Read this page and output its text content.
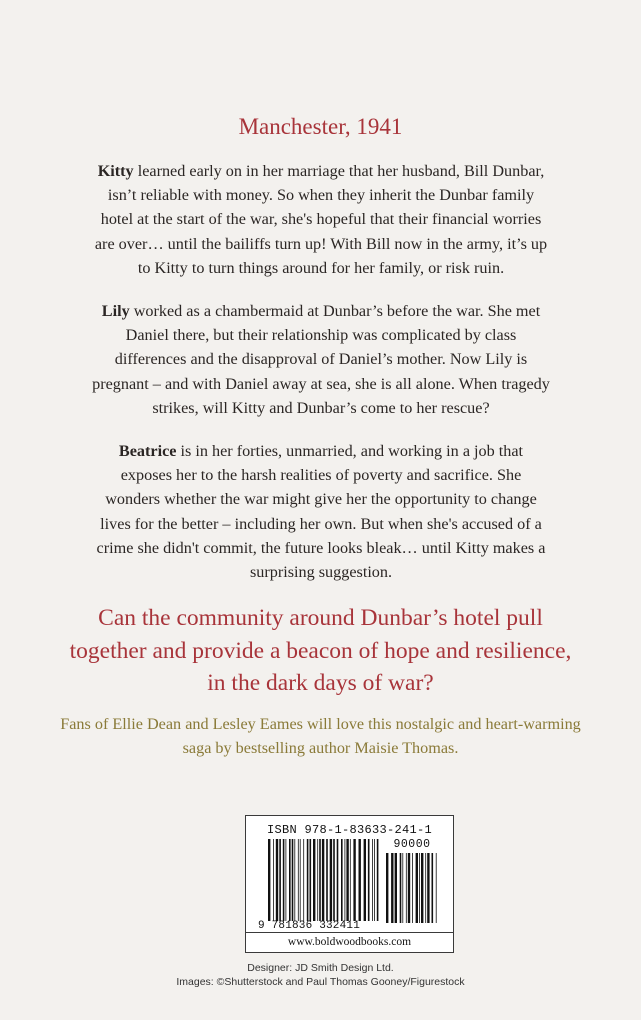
Manchester, 1941

Kitty learned early on in her marriage that her husband, Bill Dunbar, isn’t reliable with money. So when they inherit the Dunbar family hotel at the start of the war, she's hopeful that their financial worries are over… until the bailiffs turn up! With Bill now in the army, it’s up to Kitty to turn things around for her family, or risk ruin.

Lily worked as a chambermaid at Dunbar’s before the war. She met Daniel there, but their relationship was complicated by class differences and the disapproval of Daniel’s mother. Now Lily is pregnant – and with Daniel away at sea, she is all alone. When tragedy strikes, will Kitty and Dunbar’s come to her rescue?

Beatrice is in her forties, unmarried, and working in a job that exposes her to the harsh realities of poverty and sacrifice. She wonders whether the war might give her the opportunity to change lives for the better – including her own. But when she's accused of a crime she didn't commit, the future looks bleak… until Kitty makes a surprising suggestion.

Can the community around Dunbar’s hotel pull together and provide a beacon of hope and resilience, in the dark days of war?

Fans of Ellie Dean and Lesley Eames will love this nostalgic and heart-warming saga by bestselling author Maisie Thomas.

ISBN 978-1-83633-241-1
90000
9 781836 332411
www.boldwoodbooks.com
Designer: JD Smith Design Ltd.
Images: ©Shutterstock and Paul Thomas Gooney/Figurestock
